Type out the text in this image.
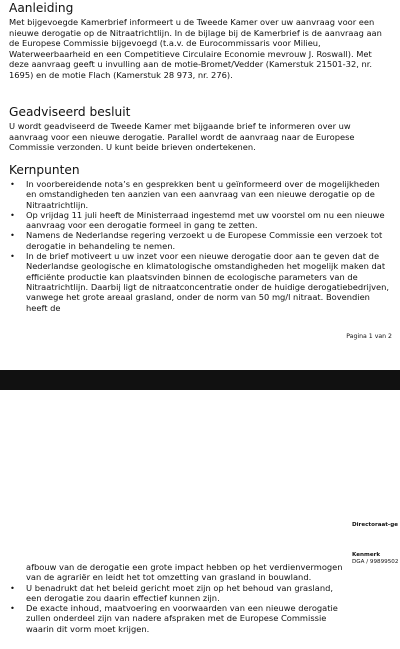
Aanleiding

Met bijgevoegde Kamerbrief informeert u de Tweede Kamer over uw aanvraag voor een nieuwe derogatie op de Nitraatrichtlijn. In de bijlage bij de Kamerbrief is de aanvraag aan de Europese Commissie bijgevoegd (t.a.v. de Eurocommissaris voor Milieu, Waterweerbaarheid en een Competitieve Circulaire Economie mevrouw J. Roswall). Met deze aanvraag geeft u invulling aan de motie-Bromet/Vedder (Kamerstuk 21501-32, nr. 1695) en de motie Flach (Kamerstuk 28 973, nr. 276).

Geadviseerd besluit

U wordt geadviseerd de Tweede Kamer met bijgaande brief te informeren over uw aanvraag voor een nieuwe derogatie. Parallel wordt de aanvraag naar de Europese Commissie verzonden. U kunt beide brieven ondertekenen.

Kernpunten
• In voorbereidende nota’s en gesprekken bent u geïnformeerd over de mogelijkheden en omstandigheden ten aanzien van een aanvraag van een nieuwe derogatie op de Nitraatrichtlijn.
• Op vrijdag 11 juli heeft de Ministerraad ingestemd met uw voorstel om nu een nieuwe aanvraag voor een derogatie formeel in gang te zetten.
• Namens de Nederlandse regering verzoekt u de Europese Commissie een verzoek tot derogatie in behandeling te nemen.
• In de brief motiveert u uw inzet voor een nieuwe derogatie door aan te geven dat de Nederlandse geologische en klimatologische omstandigheden het mogelijk maken dat efficiënte productie kan plaatsvinden binnen de ecologische parameters van de Nitraatrichtlijn. Daarbij ligt de nitraatconcentratie onder de huidige derogatiebedrijven, vanwege het grote areaal grasland, onder de norm van 50 mg/l nitraat. Bovendien heeft de
Pagina 1 van 2
Directoraat-ge
Kenmerk
DGA / 99899502
afbouw van de derogatie een grote impact hebben op het verdienvermogen van de agrariër en leidt het tot omzetting van grasland in bouwland.
• U benadrukt dat het beleid gericht moet zijn op het behoud van grasland, een derogatie zou daarin effectief kunnen zijn.
• De exacte inhoud, maatvoering en voorwaarden van een nieuwe derogatie zullen onderdeel zijn van nadere afspraken met de Europese Commissie waarin dit vorm moet krijgen.
